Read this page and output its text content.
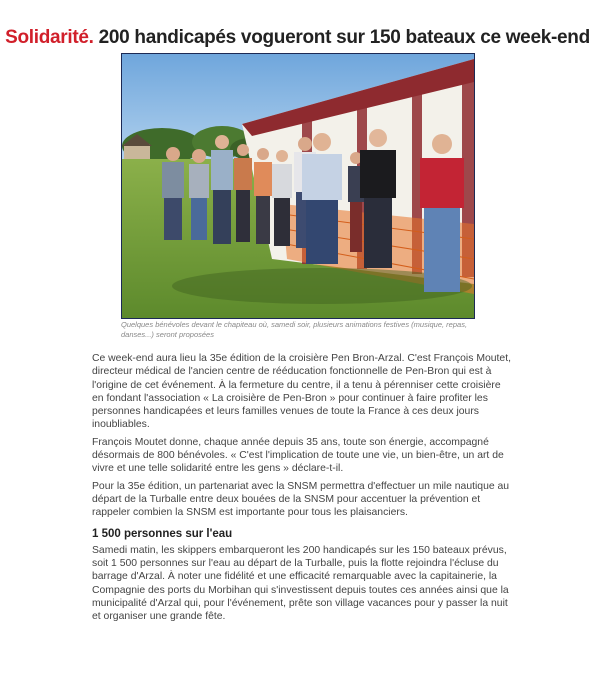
Solidarité. 200 handicapés vogueront sur 150 bateaux ce week-end
Quelques bénévoles devant le chapiteau où, samedi soir, plusieurs animations festives (musique, repas, danses...) seront proposées

Ce week-end aura lieu la 35e édition de la croisière Pen Bron-Arzal. C'est François Moutet, directeur médical de l'ancien centre de rééducation fonctionnelle de Pen-Bron qui est à l'origine de cet événement. À la fermeture du centre, il a tenu à pérenniser cette croisière en fondant l'association « La croisière de Pen-Bron » pour continuer à faire profiter les personnes handicapées et leurs familles venues de toute la France à ces deux jours inoubliables.

François Moutet donne, chaque année depuis 35 ans, toute son énergie, accompagné désormais de 800 bénévoles. « C'est l'implication de toute une vie, un bien-être, un art de vivre et une telle solidarité entre les gens » déclare-t-il.

Pour la 35e édition, un partenariat avec la SNSM permettra d'effectuer un mile nautique au départ de la Turballe entre deux bouées de la SNSM pour accentuer la prévention et rappeler combien la SNSM est importante pour tous les plaisanciers.

1 500 personnes sur l'eau

Samedi matin, les skippers embarqueront les 200 handicapés sur les 150 bateaux prévus, soit 1 500 personnes sur l'eau au départ de la Turballe, puis la flotte rejoindra l'écluse du barrage d'Arzal. À noter une fidélité et une efficacité remarquable avec la capitainerie, la Compagnie des ports du Morbihan qui s'investissent depuis toutes ces années ainsi que la municipalité d'Arzal qui, pour l'événement, prête son village vacances pour y passer la nuit et organiser une grande fête.
